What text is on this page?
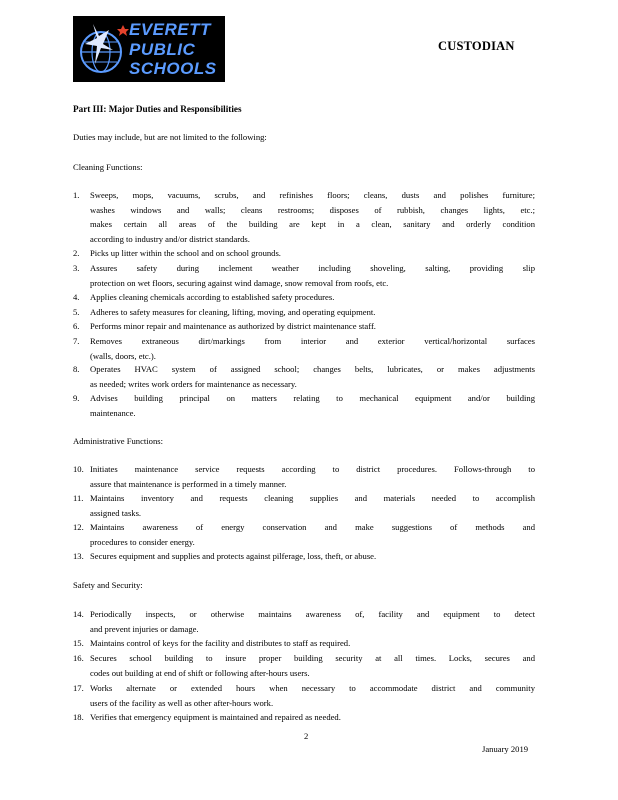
EVERETT
PUBLIC
SCHOOLS
CUSTODIAN
Part III: Major Duties and Responsibilities
Duties may include, but are not limited to the following:
Cleaning Functions:
1. Sweeps, mops, vacuums, scrubs, and refinishes floors; cleans, dusts and polishes furniture;
washes windows and walls; cleans restrooms; disposes of rubbish, changes lights, etc.;
makes certain all areas of the building are kept in a clean, sanitary and orderly condition
according to industry and/or district standards.
2. Picks up litter within the school and on school grounds.
3. Assures safety during inclement weather including shoveling, salting, providing slip
protection on wet floors, securing against wind damage, snow removal from roofs, etc.
4. Applies cleaning chemicals according to established safety procedures.
5. Adheres to safety measures for cleaning, lifting, moving, and operating equipment.
6. Performs minor repair and maintenance as authorized by district maintenance staff.
7. Removes extraneous dirt/markings from interior and exterior vertical/horizontal surfaces
(walls, doors, etc.).
8. Operates HVAC system of assigned school; changes belts, lubricates, or makes adjustments
as needed; writes work orders for maintenance as necessary.
9. Advises building principal on matters relating to mechanical equipment and/or building
maintenance.
Administrative Functions:
10. Initiates maintenance service requests according to district procedures. Follows-through to
assure that maintenance is performed in a timely manner.
11. Maintains inventory and requests cleaning supplies and materials needed to accomplish
assigned tasks.
12. Maintains awareness of energy conservation and make suggestions of methods and
procedures to consider energy.
13. Secures equipment and supplies and protects against pilferage, loss, theft, or abuse.
Safety and Security:
14. Periodically inspects, or otherwise maintains awareness of, facility and equipment to detect
and prevent injuries or damage.
15. Maintains control of keys for the facility and distributes to staff as required.
16. Secures school building to insure proper building security at all times. Locks, secures and
codes out building at end of shift or following after-hours users.
17. Works alternate or extended hours when necessary to accommodate district and community
users of the facility as well as other after-hours work.
18. Verifies that emergency equipment is maintained and repaired as needed.
2
January 2019
